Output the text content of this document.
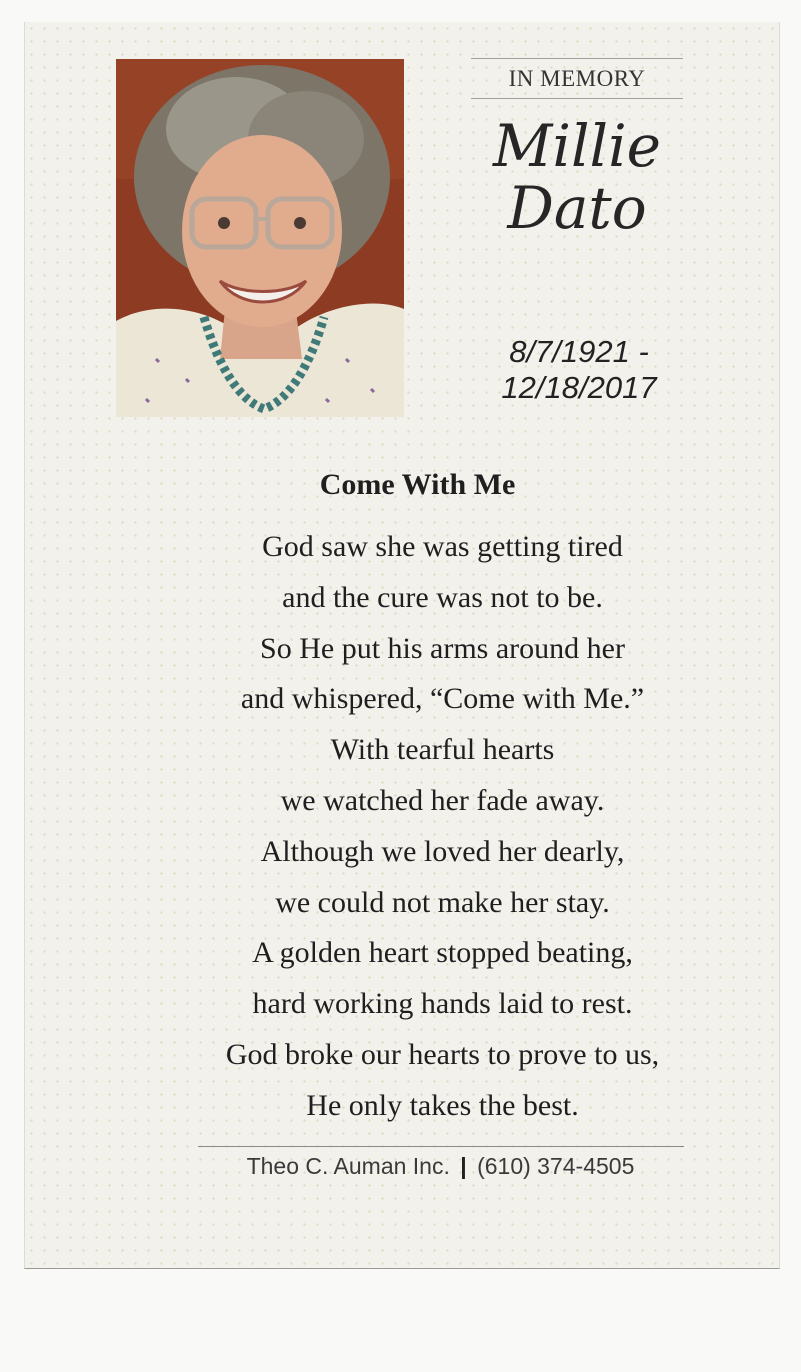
IN MEMORY
Millie
Dato
8/7/1921 -
12/18/2017
Come With Me
God saw she was getting tired
and the cure was not to be.
So He put his arms around her
and whispered, “Come with Me.”
With tearful hearts
we watched her fade away.
Although we loved her dearly,
we could not make her stay.
A golden heart stopped beating,
hard working hands laid to rest.
God broke our hearts to prove to us,
He only takes the best.
Theo C. Auman Inc. | (610) 374-4505
